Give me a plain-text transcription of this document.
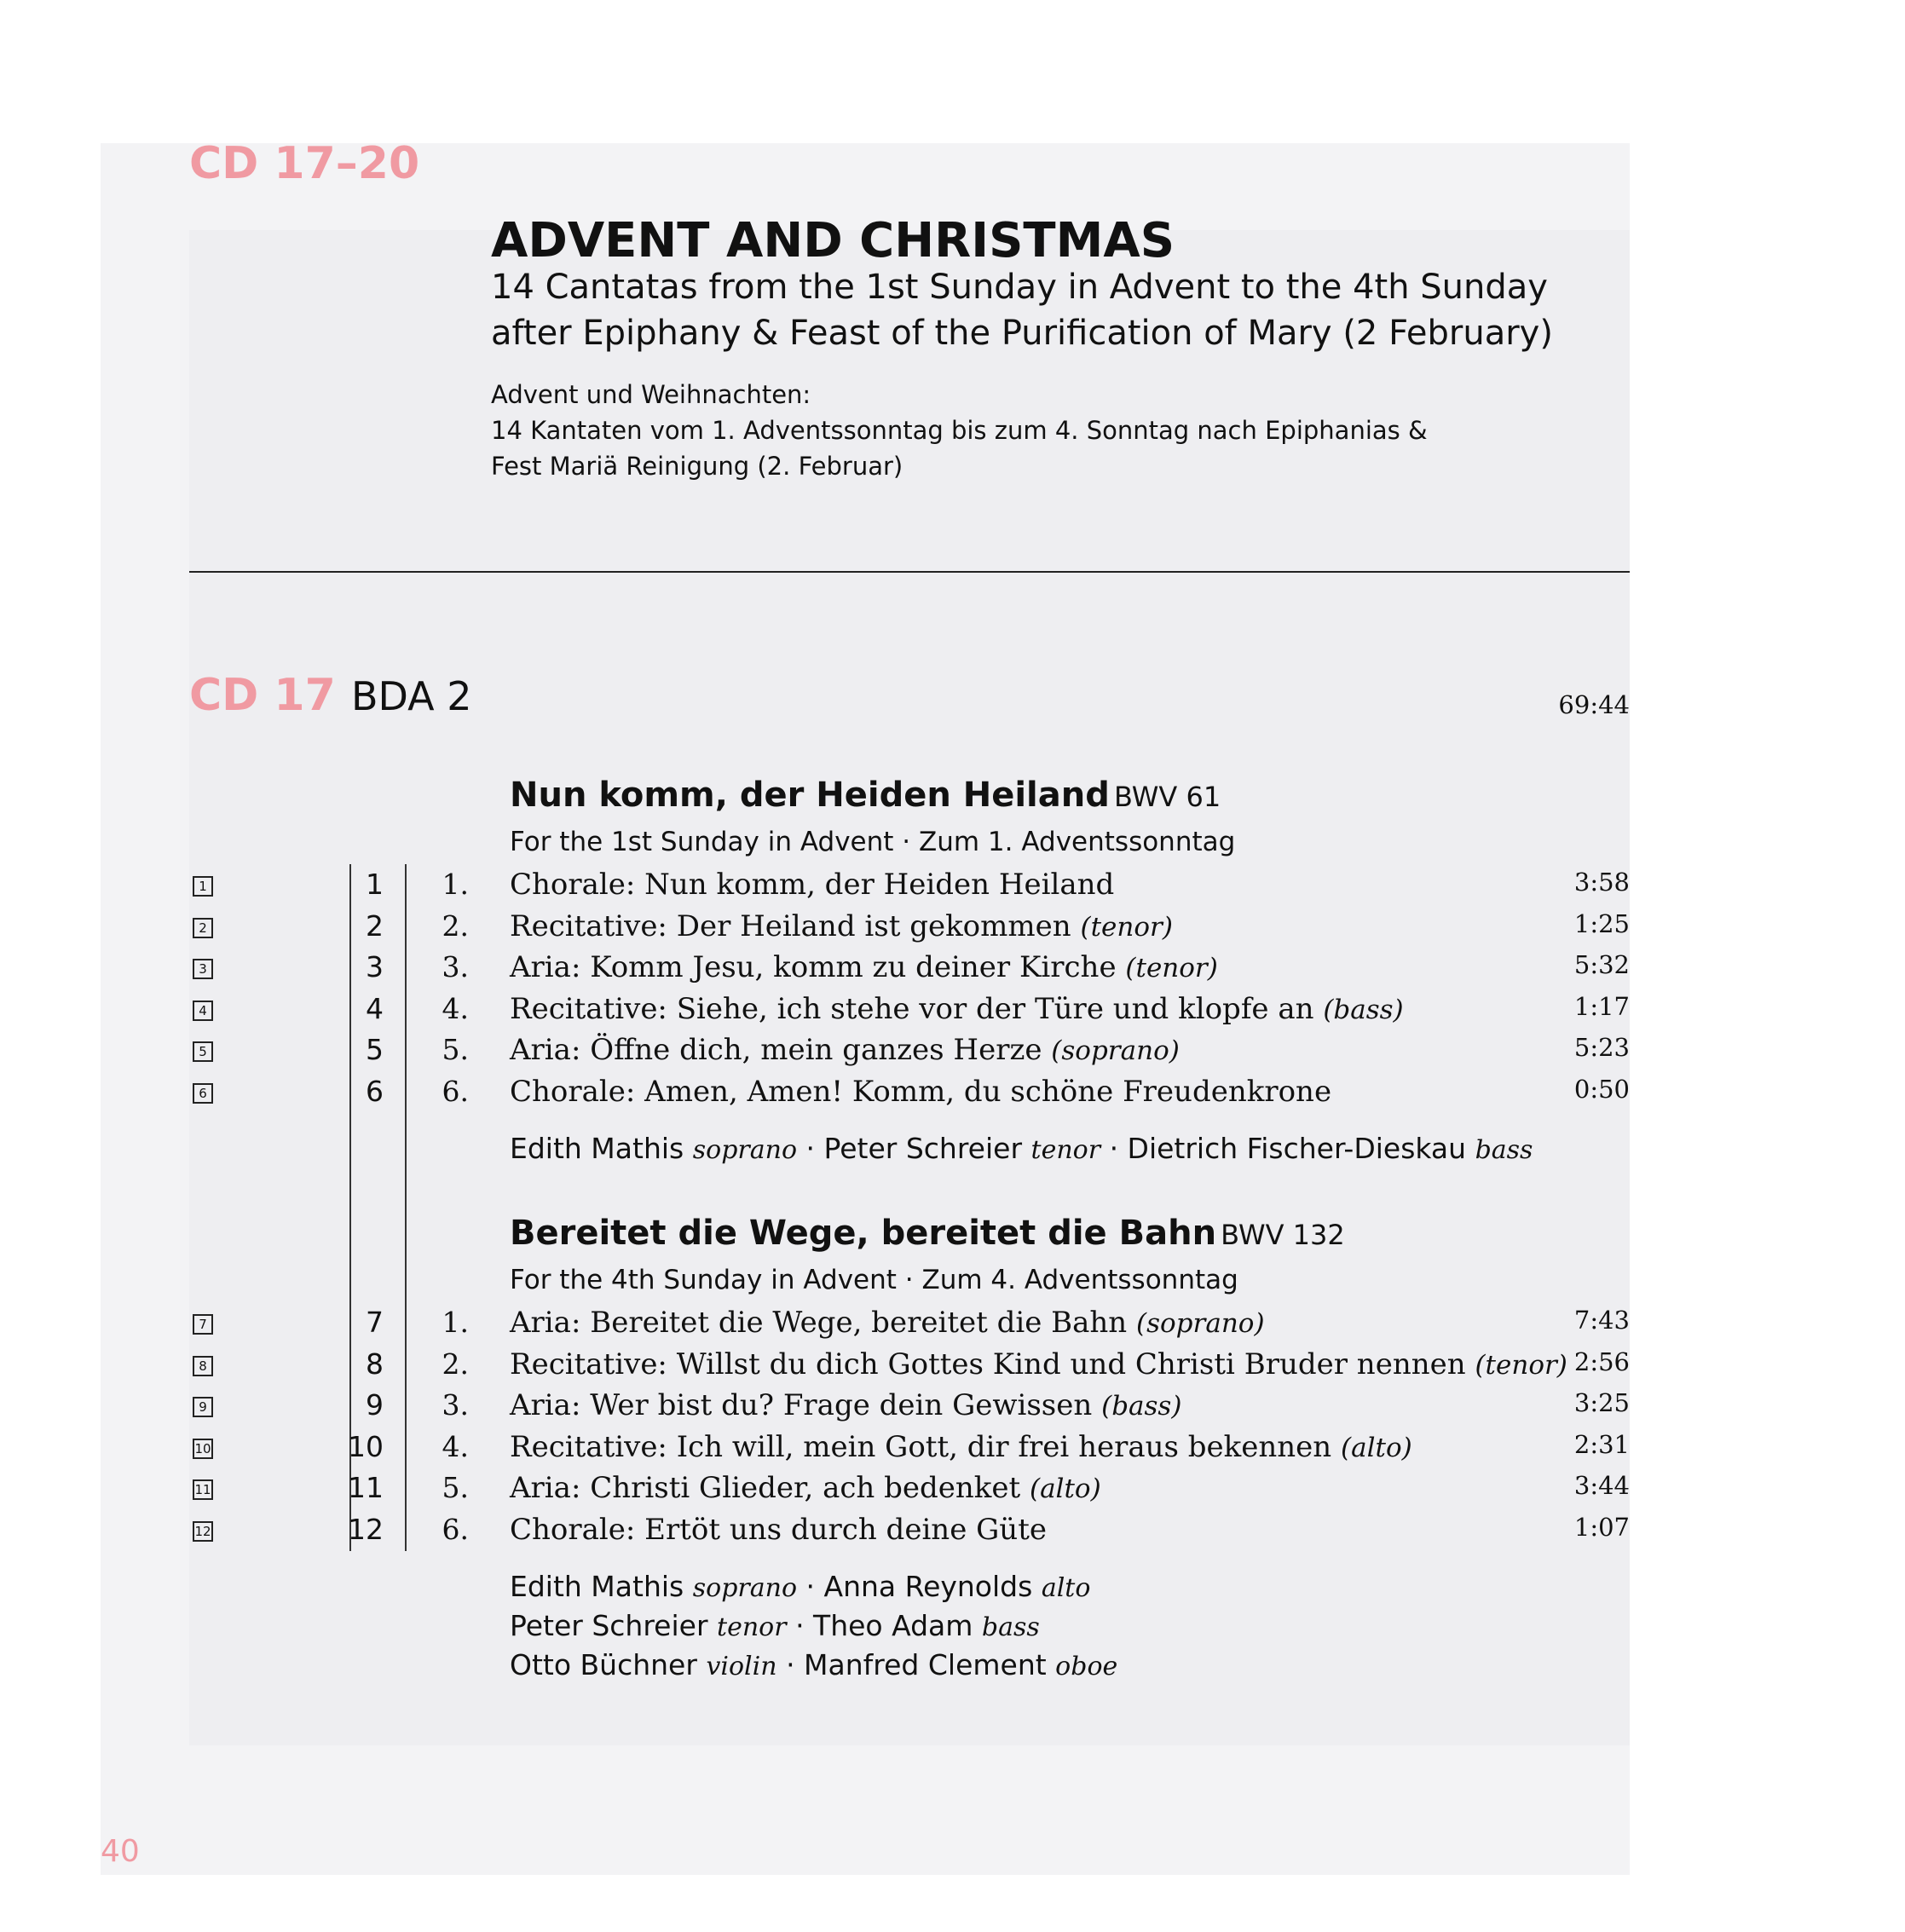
CD 17–20
ADVENT AND CHRISTMAS
14 Cantatas from the 1st Sunday in Advent to the 4th Sunday
after Epiphany & Feast of the Purification of Mary (2 February)
Advent und Weihnachten:
14 Kantaten vom 1. Adventssonntag bis zum 4. Sonntag nach Epiphanias &
Fest Mariä Reinigung (2. Februar)
CD 17 BDA 2	69:44
Nun komm, der Heiden Heiland BWV 61
For the 1st Sunday in Advent · Zum 1. Adventssonntag
1	1	1. Chorale: Nun komm, der Heiden Heiland	3:58
2	2	2. Recitative: Der Heiland ist gekommen (tenor)	1:25
3	3	3. Aria: Komm Jesu, komm zu deiner Kirche (tenor)	5:32
4	4	4. Recitative: Siehe, ich stehe vor der Türe und klopfe an (bass)	1:17
5	5	5. Aria: Öffne dich, mein ganzes Herze (soprano)	5:23
6	6	6. Chorale: Amen, Amen! Komm, du schöne Freudenkrone	0:50
Edith Mathis soprano · Peter Schreier tenor · Dietrich Fischer-Dieskau bass
Bereitet die Wege, bereitet die Bahn BWV 132
For the 4th Sunday in Advent · Zum 4. Adventssonntag
7	7	1. Aria: Bereitet die Wege, bereitet die Bahn (soprano)	7:43
8	8	2. Recitative: Willst du dich Gottes Kind und Christi Bruder nennen (tenor) 2:56
9	9	3. Aria: Wer bist du? Frage dein Gewissen (bass)	3:25
10	10	4. Recitative: Ich will, mein Gott, dir frei heraus bekennen (alto)	2:31
11	11	5. Aria: Christi Glieder, ach bedenket (alto)	3:44
12	12	6. Chorale: Ertöt uns durch deine Güte	1:07
Edith Mathis soprano · Anna Reynolds alto
Peter Schreier tenor · Theo Adam bass
Otto Büchner violin · Manfred Clement oboe
40
